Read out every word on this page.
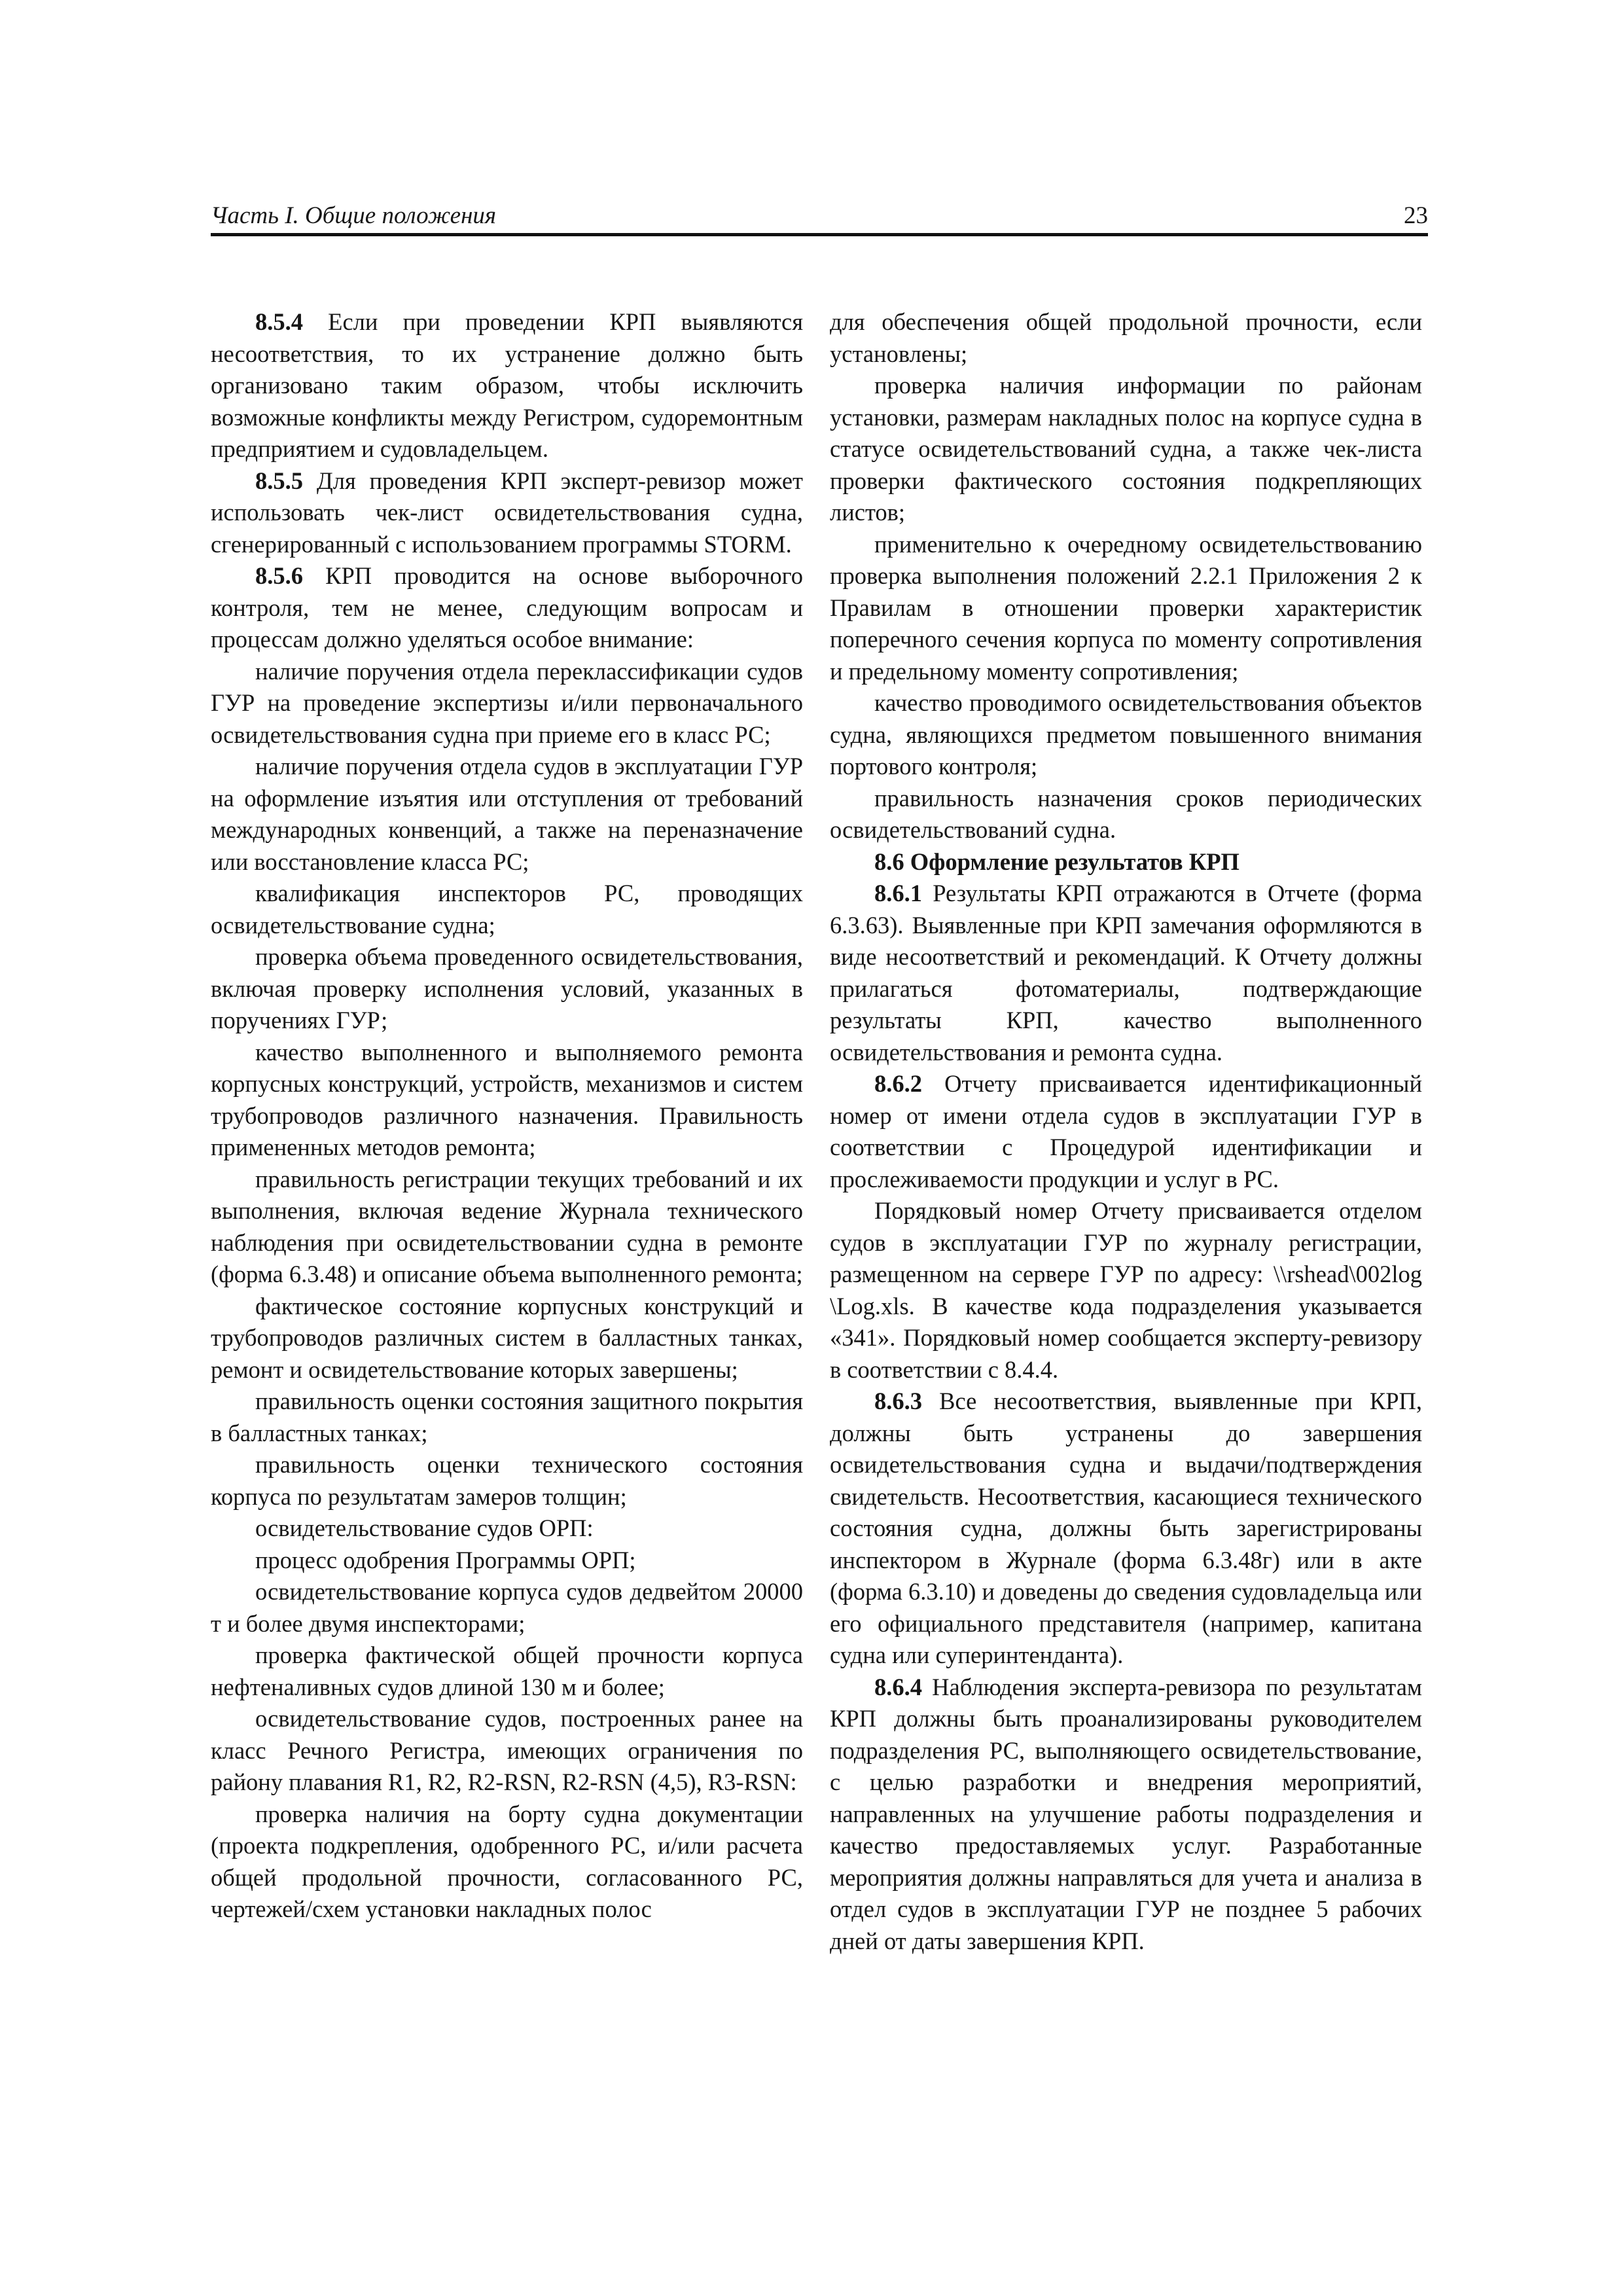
Часть I. Общие положения	23

8.5.4 Если при проведении КРП выявляются несоответствия, то их устранение должно быть организовано таким образом, чтобы исключить возможные конфликты между Регистром, судоремонтным предприятием и судовладельцем.

8.5.5 Для проведения КРП эксперт-ревизор может использовать чек-лист освидетельствования судна, сгенерированный с использованием программы STORM.

8.5.6 КРП проводится на основе выборочного контроля, тем не менее, следующим вопросам и процессам должно уделяться особое внимание:

наличие поручения отдела переклассификации судов ГУР на проведение экспертизы и/или первоначального освидетельствования судна при приеме его в класс РС;

наличие поручения отдела судов в эксплуатации ГУР на оформление изъятия или отступления от требований международных конвенций, а также на переназначение или восстановление класса РС;

квалификация инспекторов РС, проводящих освидетельствование судна;

проверка объема проведенного освидетельствования, включая проверку исполнения условий, указанных в поручениях ГУР;

качество выполненного и выполняемого ремонта корпусных конструкций, устройств, механизмов и систем трубопроводов различного назначения. Правильность примененных методов ремонта;

правильность регистрации текущих требований и их выполнения, включая ведение Журнала технического наблюдения при освидетельствовании судна в ремонте (форма 6.3.48) и описание объема выполненного ремонта;

фактическое состояние корпусных конструкций и трубопроводов различных систем в балластных танках, ремонт и освидетельствование которых завершены;

правильность оценки состояния защитного покрытия в балластных танках;

правильность оценки технического состояния корпуса по результатам замеров толщин;

освидетельствование судов ОРП:

процесс одобрения Программы ОРП;

освидетельствование корпуса судов дедвейтом 20000 т и более двумя инспекторами;

проверка фактической общей прочности корпуса нефтеналивных судов длиной 130 м и более;

освидетельствование судов, построенных ранее на класс Речного Регистра, имеющих ограничения по району плавания R1, R2, R2-RSN, R2-RSN (4,5), R3-RSN:

проверка наличия на борту судна документации (проекта подкрепления, одобренного РС, и/или расчета общей продольной прочности, согласованного РС, чертежей/схем установки накладных полос

для обеспечения общей продольной прочности, если установлены;

проверка наличия информации по районам установки, размерам накладных полос на корпусе судна в статусе освидетельствований судна, а также чек-листа проверки фактического состояния подкрепляющих листов;

применительно к очередному освидетельствованию проверка выполнения положений 2.2.1 Приложения 2 к Правилам в отношении проверки характеристик поперечного сечения корпуса по моменту сопротивления и предельному моменту сопротивления;

качество проводимого освидетельствования объектов судна, являющихся предметом повышенного внимания портового контроля;

правильность назначения сроков периодических освидетельствований судна.

8.6 Оформление результатов КРП

8.6.1 Результаты КРП отражаются в Отчете (форма 6.3.63). Выявленные при КРП замечания оформляются в виде несоответствий и рекомендаций. К Отчету должны прилагаться фотоматериалы, подтверждающие результаты КРП, качество выполненного освидетельствования и ремонта судна.

8.6.2 Отчету присваивается идентификационный номер от имени отдела судов в эксплуатации ГУР в соответствии с Процедурой идентификации и прослеживаемости продукции и услуг в РС.

Порядковый номер Отчету присваивается отделом судов в эксплуатации ГУР по журналу регистрации, размещенном на сервере ГУР по адресу: \\rshead\002log \Log.xls. В качестве кода подразделения указывается «341». Порядковый номер сообщается эксперту-ревизору в соответствии с 8.4.4.

8.6.3 Все несоответствия, выявленные при КРП, должны быть устранены до завершения освидетельствования судна и выдачи/подтверждения свидетельств. Несоответствия, касающиеся технического состояния судна, должны быть зарегистрированы инспектором в Журнале (форма 6.3.48г) или в акте (форма 6.3.10) и доведены до сведения судовладельца или его официального представителя (например, капитана судна или суперинтенданта).

8.6.4 Наблюдения эксперта-ревизора по результатам КРП должны быть проанализированы руководителем подразделения РС, выполняющего освидетельствование, с целью разработки и внедрения мероприятий, направленных на улучшение работы подразделения и качество предоставляемых услуг. Разработанные мероприятия должны направляться для учета и анализа в отдел судов в эксплуатации ГУР не позднее 5 рабочих дней от даты завершения КРП.
